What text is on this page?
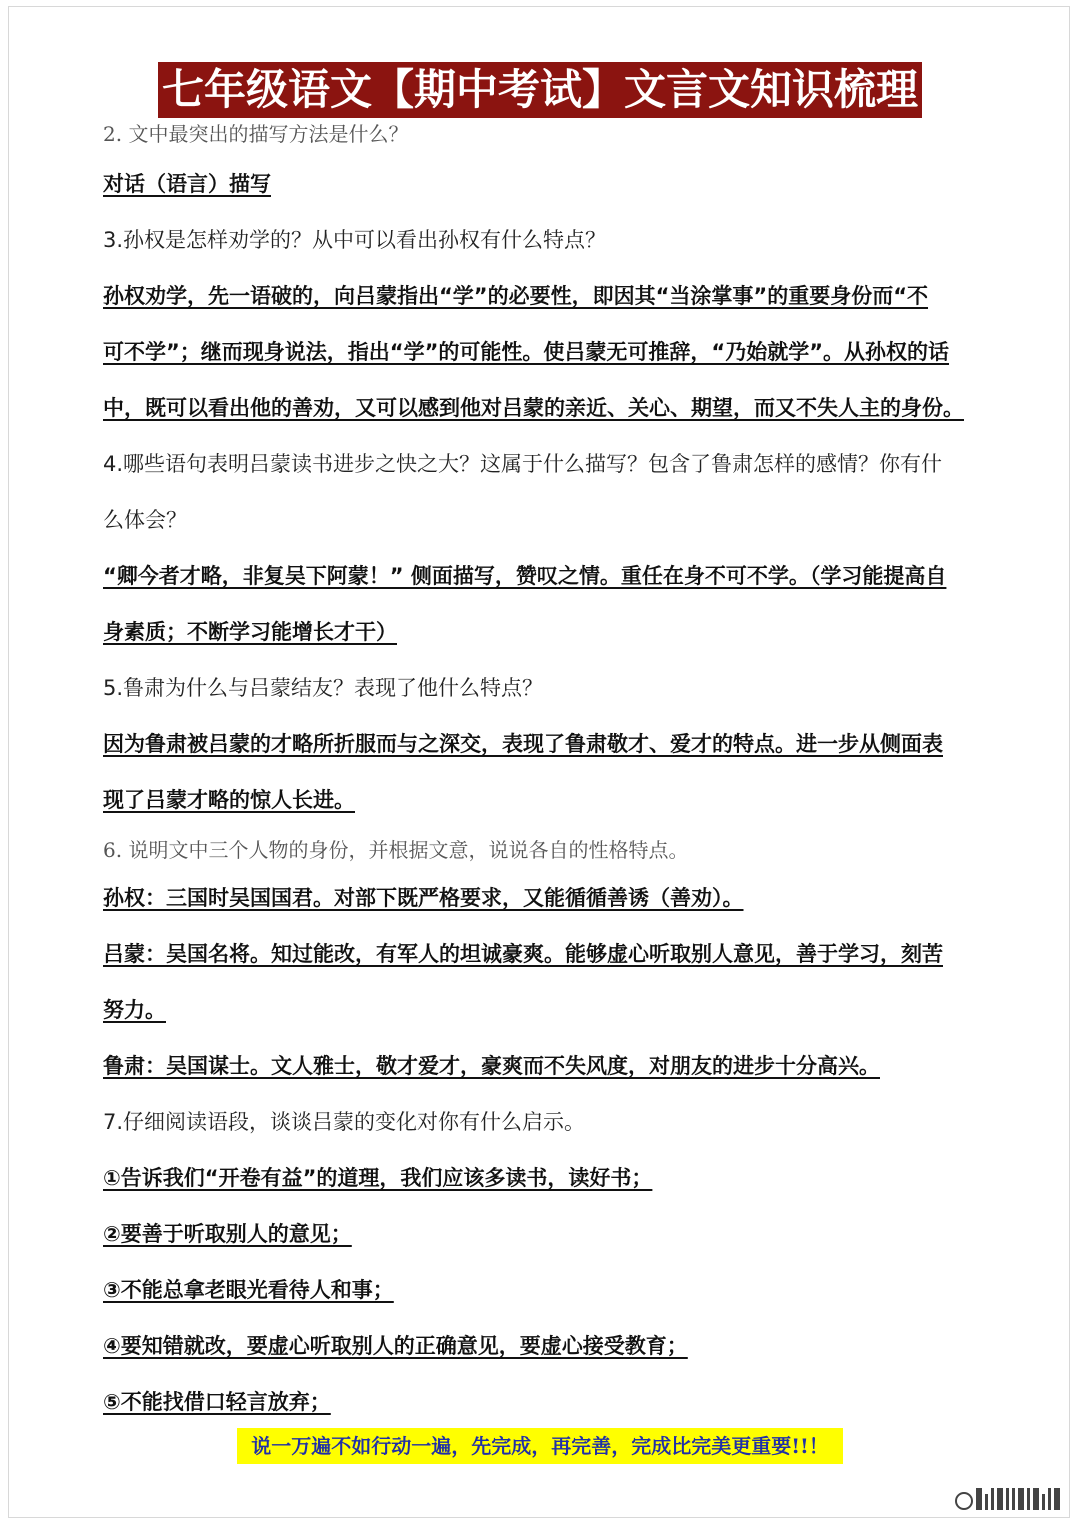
七年级语文【期中考试】文言文知识梳理
2. 文中最突出的描写方法是什么？
对话（语言）描写
3.孙权是怎样劝学的？从中可以看出孙权有什么特点？
孙权劝学，先一语破的，向吕蒙指出“学”的必要性，即因其“当涂掌事”的重要身份而“不
可不学”；继而现身说法，指出“学”的可能性。使吕蒙无可推辞，“乃始就学”。从孙权的话
中，既可以看出他的善劝，又可以感到他对吕蒙的亲近、关心、期望，而又不失人主的身份。
4.哪些语句表明吕蒙读书进步之快之大？这属于什么描写？包含了鲁肃怎样的感情？你有什
么体会？
“卿今者才略，非复吴下阿蒙！” 侧面描写，赞叹之情。重任在身不可不学。（学习能提高自
身素质；不断学习能增长才干）
5.鲁肃为什么与吕蒙结友？表现了他什么特点？
因为鲁肃被吕蒙的才略所折服而与之深交，表现了鲁肃敬才、爱才的特点。进一步从侧面表
现了吕蒙才略的惊人长进。
6. 说明文中三个人物的身份，并根据文意，说说各自的性格特点。
孙权：三国时吴国国君。对部下既严格要求，又能循循善诱（善劝）。
吕蒙：吴国名将。知过能改，有军人的坦诚豪爽。能够虚心听取别人意见，善于学习，刻苦
努力。
鲁肃：吴国谋士。文人雅士，敬才爱才，豪爽而不失风度，对朋友的进步十分高兴。
7.仔细阅读语段，谈谈吕蒙的变化对你有什么启示。
①告诉我们“开卷有益”的道理，我们应该多读书，读好书；
②要善于听取别人的意见；
③不能总拿老眼光看待人和事；
④要知错就改，要虚心听取别人的正确意见，要虚心接受教育；
⑤不能找借口轻言放弃；
说一万遍不如行动一遍，先完成，再完善，完成比完美更重要!!！
